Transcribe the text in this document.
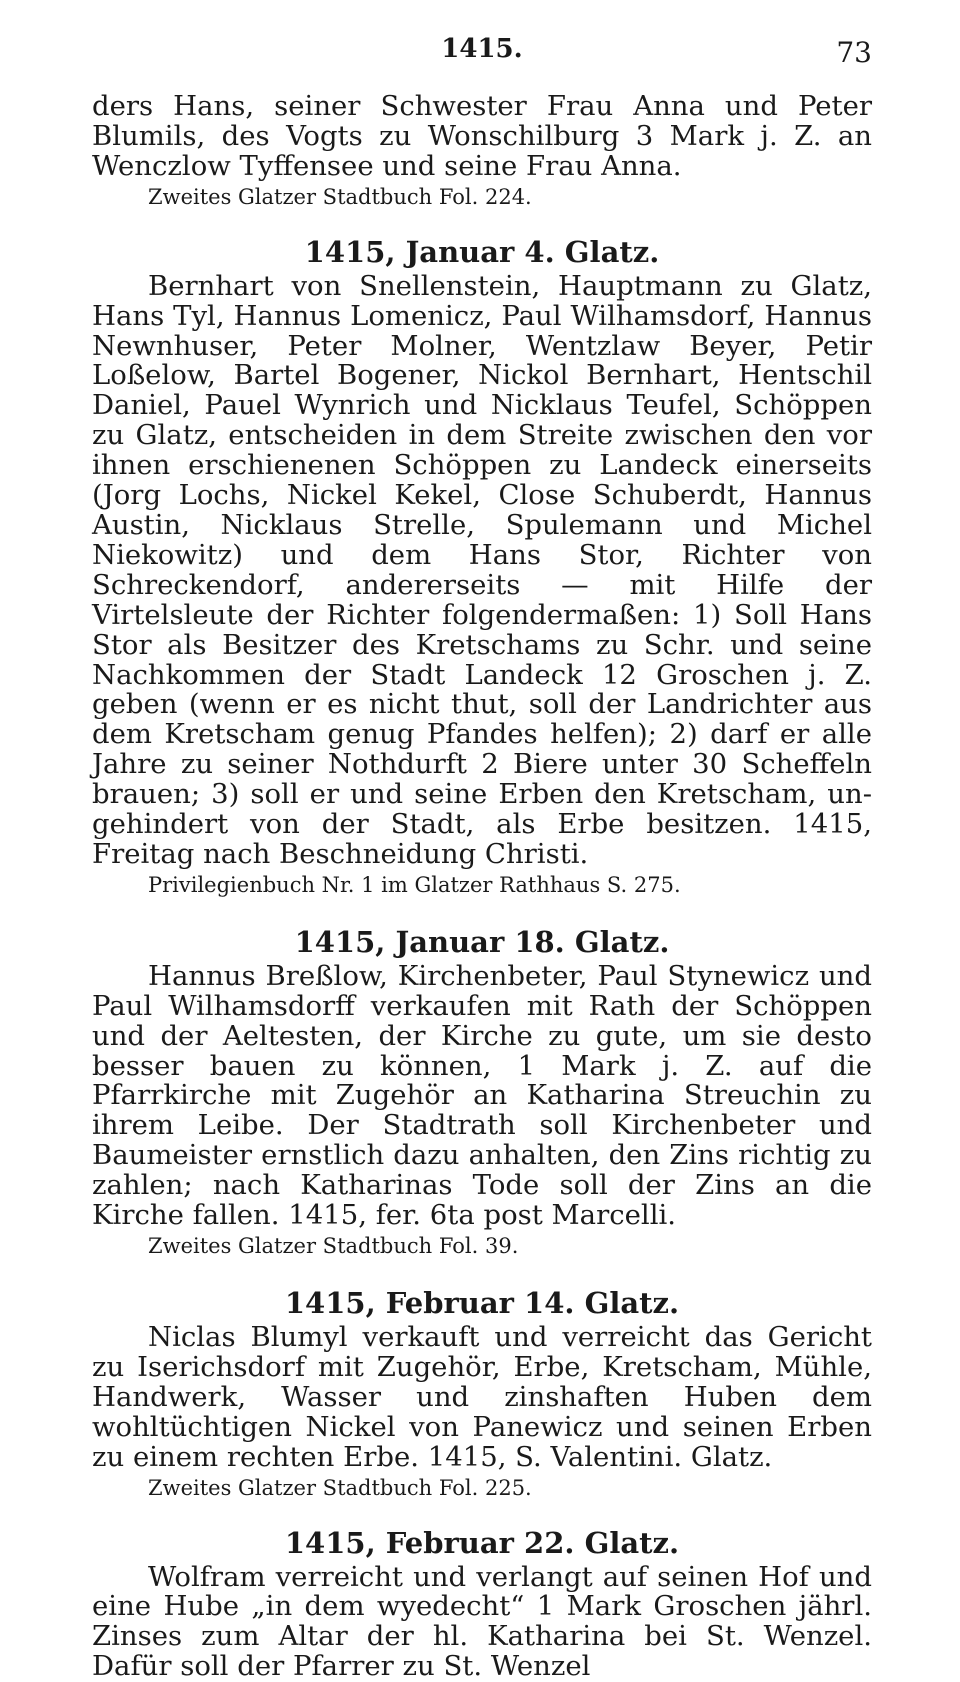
1415.	73

ders Hans, seiner Schwester Frau Anna und Peter Blumils, des Vogts zu Wonschilburg 3 Mark j. Z. an Wenczlow Tyffensee und seine Frau Anna.

Zweites Glatzer Stadtbuch Fol. 224.

1415, Januar 4. Glatz.

Bernhart von Snellenstein, Hauptmann zu Glatz, Hans Tyl, Hannus Lomenicz, Paul Wilhamsdorf, Hannus Newnhuser, Peter Molner, Wentzlaw Beyer, Petir Loßelow, Bartel Bogener, Nickol Bernhart, Hentschil Daniel, Pauel Wynrich und Nicklaus Teufel, Schöppen zu Glatz, entscheiden in dem Streite zwischen den vor ihnen erschienenen Schöppen zu Landeck einerseits (Jorg Lochs, Nickel Kekel, Close Schuberdt, Hannus Austin, Nicklaus Strelle, Spulemann und Michel Niekowitz) und dem Hans Stor, Richter von Schreckendorf, andererseits — mit Hilfe der Virtelsleute der Richter folgendermaßen: 1) Soll Hans Stor als Besitzer des Kretschams zu Schr. und seine Nachkommen der Stadt Landeck 12 Groschen j. Z. geben (wenn er es nicht thut, soll der Landrichter aus dem Kretscham genug Pfandes helfen); 2) darf er alle Jahre zu seiner Nothdurft 2 Biere unter 30 Scheffeln brauen; 3) soll er und seine Erben den Kretscham, ungehindert von der Stadt, als Erbe besitzen. 1415, Freitag nach Beschneidung Christi.

Privilegienbuch Nr. 1 im Glatzer Rathhaus S. 275.

1415, Januar 18. Glatz.

Hannus Breßlow, Kirchenbeter, Paul Stynewicz und Paul Wilhamsdorff verkaufen mit Rath der Schöppen und der Aeltesten, der Kirche zu gute, um sie desto besser bauen zu können, 1 Mark j. Z. auf die Pfarrkirche mit Zugehör an Katharina Streuchin zu ihrem Leibe. Der Stadtrath soll Kirchenbeter und Baumeister ernstlich dazu anhalten, den Zins richtig zu zahlen; nach Katharinas Tode soll der Zins an die Kirche fallen. 1415, fer. 6ta post Marcelli.

Zweites Glatzer Stadtbuch Fol. 39.

1415, Februar 14. Glatz.

Niclas Blumyl verkauft und verreicht das Gericht zu Iserichsdorf mit Zugehör, Erbe, Kretscham, Mühle, Handwerk, Wasser und zinshaften Huben dem wohltüchtigen Nickel von Panewicz und seinen Erben zu einem rechten Erbe. 1415, S. Valentini. Glatz.

Zweites Glatzer Stadtbuch Fol. 225.

1415, Februar 22. Glatz.

Wolfram verreicht und verlangt auf seinen Hof und eine Hube „in dem wyedecht“ 1 Mark Groschen jährl. Zinses zum Altar der hl. Katharina bei St. Wenzel. Dafür soll der Pfarrer zu St. Wenzel
